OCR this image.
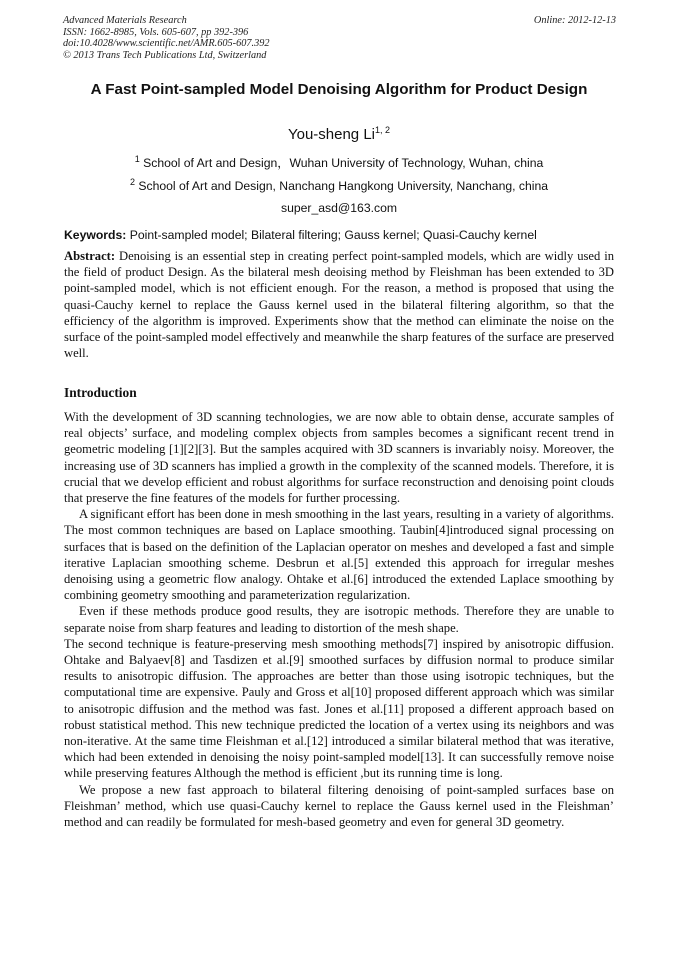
Advanced Materials Research
ISSN: 1662-8985, Vols. 605-607, pp 392-396
doi:10.4028/www.scientific.net/AMR.605-607.392
© 2013 Trans Tech Publications Ltd, Switzerland
Online: 2012-12-13
A Fast Point-sampled Model Denoising Algorithm for Product Design
You-sheng Li$^{1, 2}$
$^1$ School of Art and Design，Wuhan University of Technology, Wuhan, china
$^2$ School of Art and Design, Nanchang Hangkong University, Nanchang, china
super_asd@163.com
Keywords: Point-sampled model; Bilateral filtering; Gauss kernel; Quasi-Cauchy kernel
Abstract: Denoising is an essential step in creating perfect point-sampled models, which are widly used in the field of product Design. As the bilateral mesh deoising method by Fleishman has been extended to 3D point-sampled model, which is not efficient enough. For the reason, a method is proposed that using the quasi-Cauchy kernel to replace the Gauss kernel used in the bilateral filtering algorithm, so that the efficiency of the algorithm is improved. Experiments show that the method can eliminate the noise on the surface of the point-sampled model effectively and meanwhile the sharp features of the surface are preserved well.
Introduction

With the development of 3D scanning technologies, we are now able to obtain dense, accurate samples of real objects’ surface, and modeling complex objects from samples becomes a significant recent trend in geometric modeling [1][2][3]. But the samples acquired with 3D scanners is invariably noisy. Moreover, the increasing use of 3D scanners has implied a growth in the complexity of the scanned models. Therefore, it is crucial that we develop efficient and robust algorithms for surface reconstruction and denoising point clouds that preserve the fine features of the models for further processing.

A significant effort has been done in mesh smoothing in the last years, resulting in a variety of algorithms. The most common techniques are based on Laplace smoothing. Taubin[4]introduced signal processing on surfaces that is based on the definition of the Laplacian operator on meshes and developed a fast and simple iterative Laplacian smoothing scheme. Desbrun et al.[5] extended this approach for irregular meshes denoising using a geometric flow analogy. Ohtake et al.[6] introduced the extended Laplace smoothing by combining geometry smoothing and parameterization regularization.

Even if these methods produce good results, they are isotropic methods. Therefore they are unable to separate noise from sharp features and leading to distortion of the mesh shape.

The second technique is feature-preserving mesh smoothing methods[7] inspired by anisotropic diffusion. Ohtake and Balyaev[8] and Tasdizen et al.[9] smoothed surfaces by diffusion normal to produce similar results to anisotropic diffusion. The approaches are better than those using isotropic techniques, but the computational time are expensive. Pauly and Gross et al[10] proposed different approach which was similar to anisotropic diffusion and the method was fast. Jones et al.[11] proposed a different approach based on robust statistical method. This new technique predicted the location of a vertex using its neighbors and was non-iterative. At the same time Fleishman et al.[12] introduced a similar bilateral method that was iterative, which had been extended in denoising the noisy point-sampled model[13]. It can successfully remove noise while preserving features Although the method is efficient ,but its running time is long.

We propose a new fast approach to bilateral filtering denoising of point-sampled surfaces base on Fleishman’ method, which use quasi-Cauchy kernel to replace the Gauss kernel used in the Fleishman’ method and can readily be formulated for mesh-based geometry and even for general 3D geometry.
